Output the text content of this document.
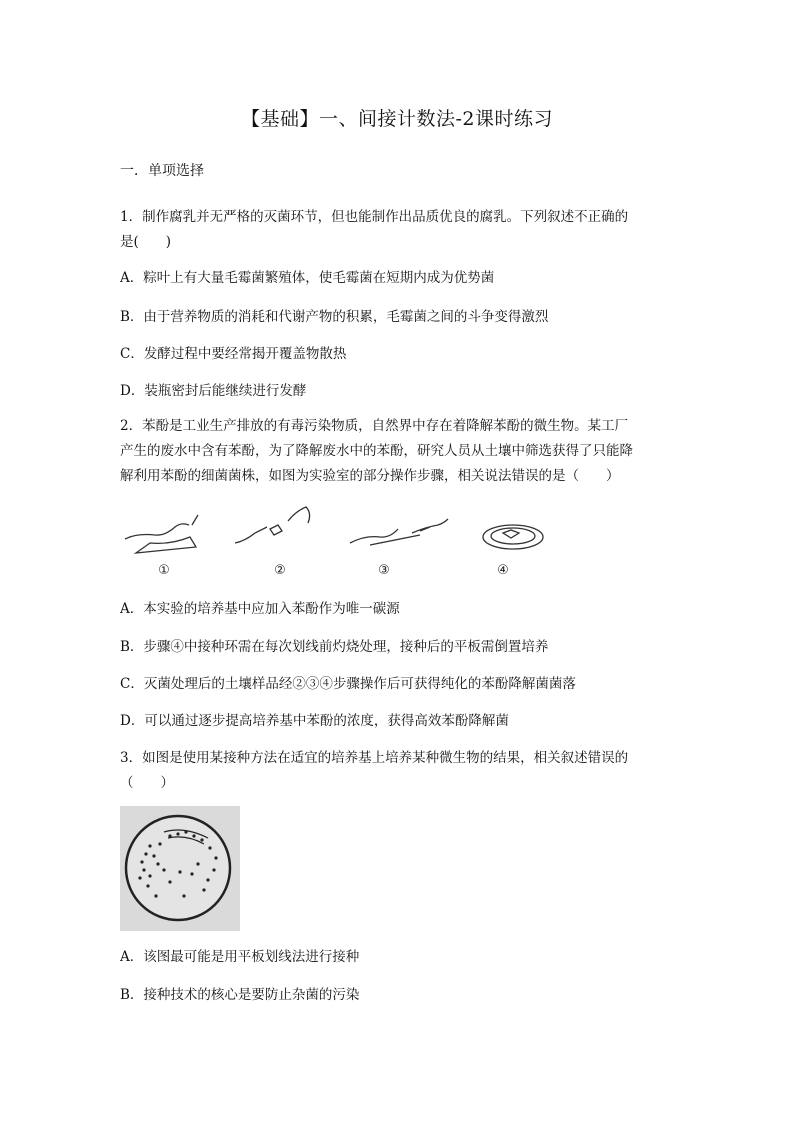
【基础】一、间接计数法-2课时练习
一．单项选择
1．制作腐乳并无严格的灭菌环节，但也能制作出品质优良的腐乳。下列叙述不正确的
是(　　)
A．粽叶上有大量毛霉菌繁殖体，使毛霉菌在短期内成为优势菌
B．由于营养物质的消耗和代谢产物的积累，毛霉菌之间的斗争变得激烈
C．发酵过程中要经常揭开覆盖物散热
D．装瓶密封后能继续进行发酵
2．苯酚是工业生产排放的有毒污染物质，自然界中存在着降解苯酚的微生物。某工厂
产生的废水中含有苯酚，为了降解废水中的苯酚，研究人员从土壤中筛选获得了只能降
解利用苯酚的细菌菌株，如图为实验室的部分操作步骤，相关说法错误的是（　　）
①	②	③	④
A．本实验的培养基中应加入苯酚作为唯一碳源
B．步骤④中接种环需在每次划线前灼烧处理，接种后的平板需倒置培养
C．灭菌处理后的土壤样品经②③④步骤操作后可获得纯化的苯酚降解菌菌落
D．可以通过逐步提高培养基中苯酚的浓度，获得高效苯酚降解菌
3．如图是使用某接种方法在适宜的培养基上培养某种微生物的结果，相关叙述错误的
（　　）
A．该图最可能是用平板划线法进行接种
B．接种技术的核心是要防止杂菌的污染
